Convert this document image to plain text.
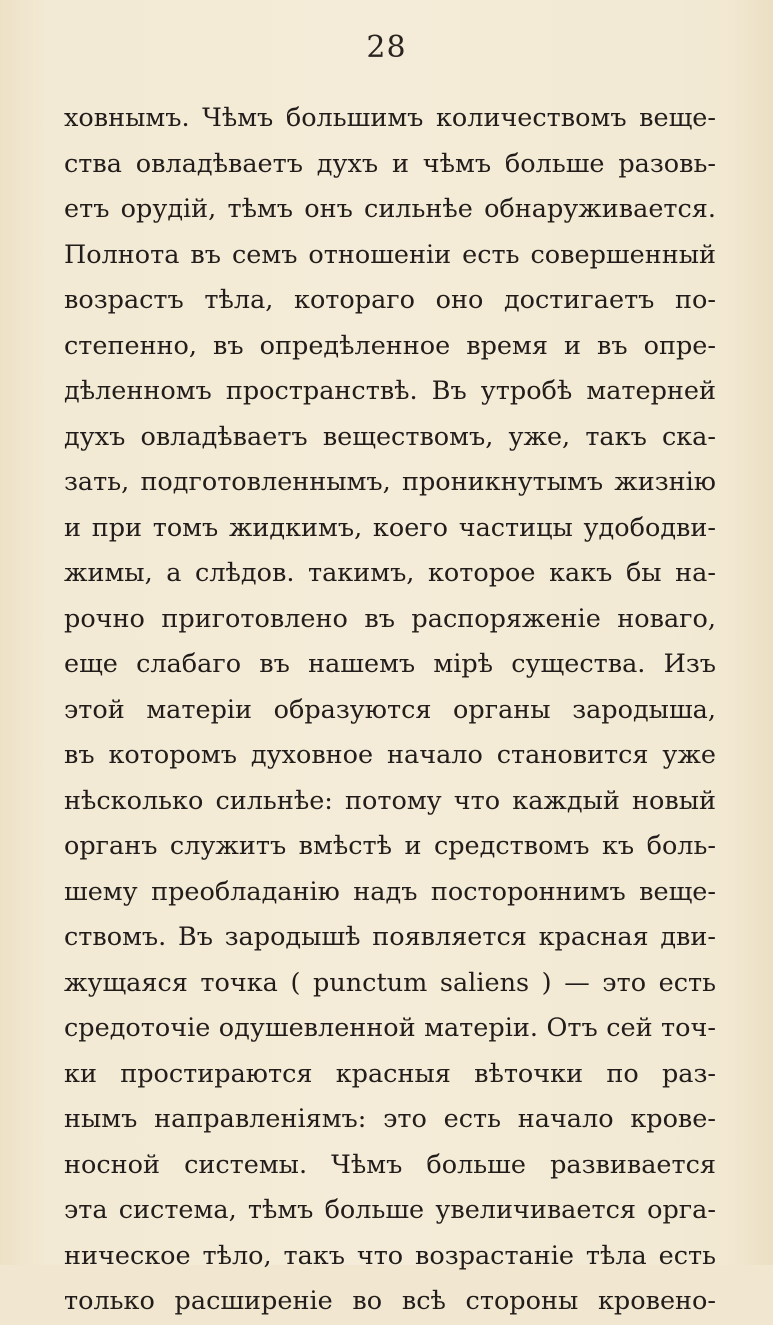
28
ховнымъ. Чѣмъ большимъ количествомъ веще-
ства овладѣваетъ духъ и чѣмъ больше разовь-
етъ орудій, тѣмъ онъ сильнѣе обнаруживается.
Полнота въ семъ отношеніи есть совершенный
возрастъ тѣла, котораго оно достигаетъ по-
степенно, въ опредѣленное время и въ опре-
дѣленномъ пространствѣ. Въ утробѣ матерней
духъ овладѣваетъ веществомъ, уже, такъ ска-
зать, подготовленнымъ, проникнутымъ жизнію
и при томъ жидкимъ, коего частицы удободви-
жимы, а слѣдов. такимъ, которое какъ бы на-
рочно приготовлено въ распоряженіе новаго,
еще слабаго въ нашемъ мірѣ существа. Изъ
этой матеріи образуются органы зародыша,
въ которомъ духовное начало становится уже
нѣсколько сильнѣе: потому что каждый новый
органъ служитъ вмѣстѣ и средствомъ къ боль-
шему преобладанію надъ постороннимъ веще-
ствомъ. Въ зародышѣ появляется красная дви-
жущаяся точка ( punctum saliens ) — это есть
средоточіе одушевленной матеріи. Отъ сей точ-
ки простираются красныя вѣточки по раз-
нымъ направленіямъ: это есть начало крове-
носной системы. Чѣмъ больше развивается
эта система, тѣмъ больше увеличивается орга-
ническое тѣло, такъ что возрастаніе тѣла есть
только расширеніе во всѣ стороны кровено-
